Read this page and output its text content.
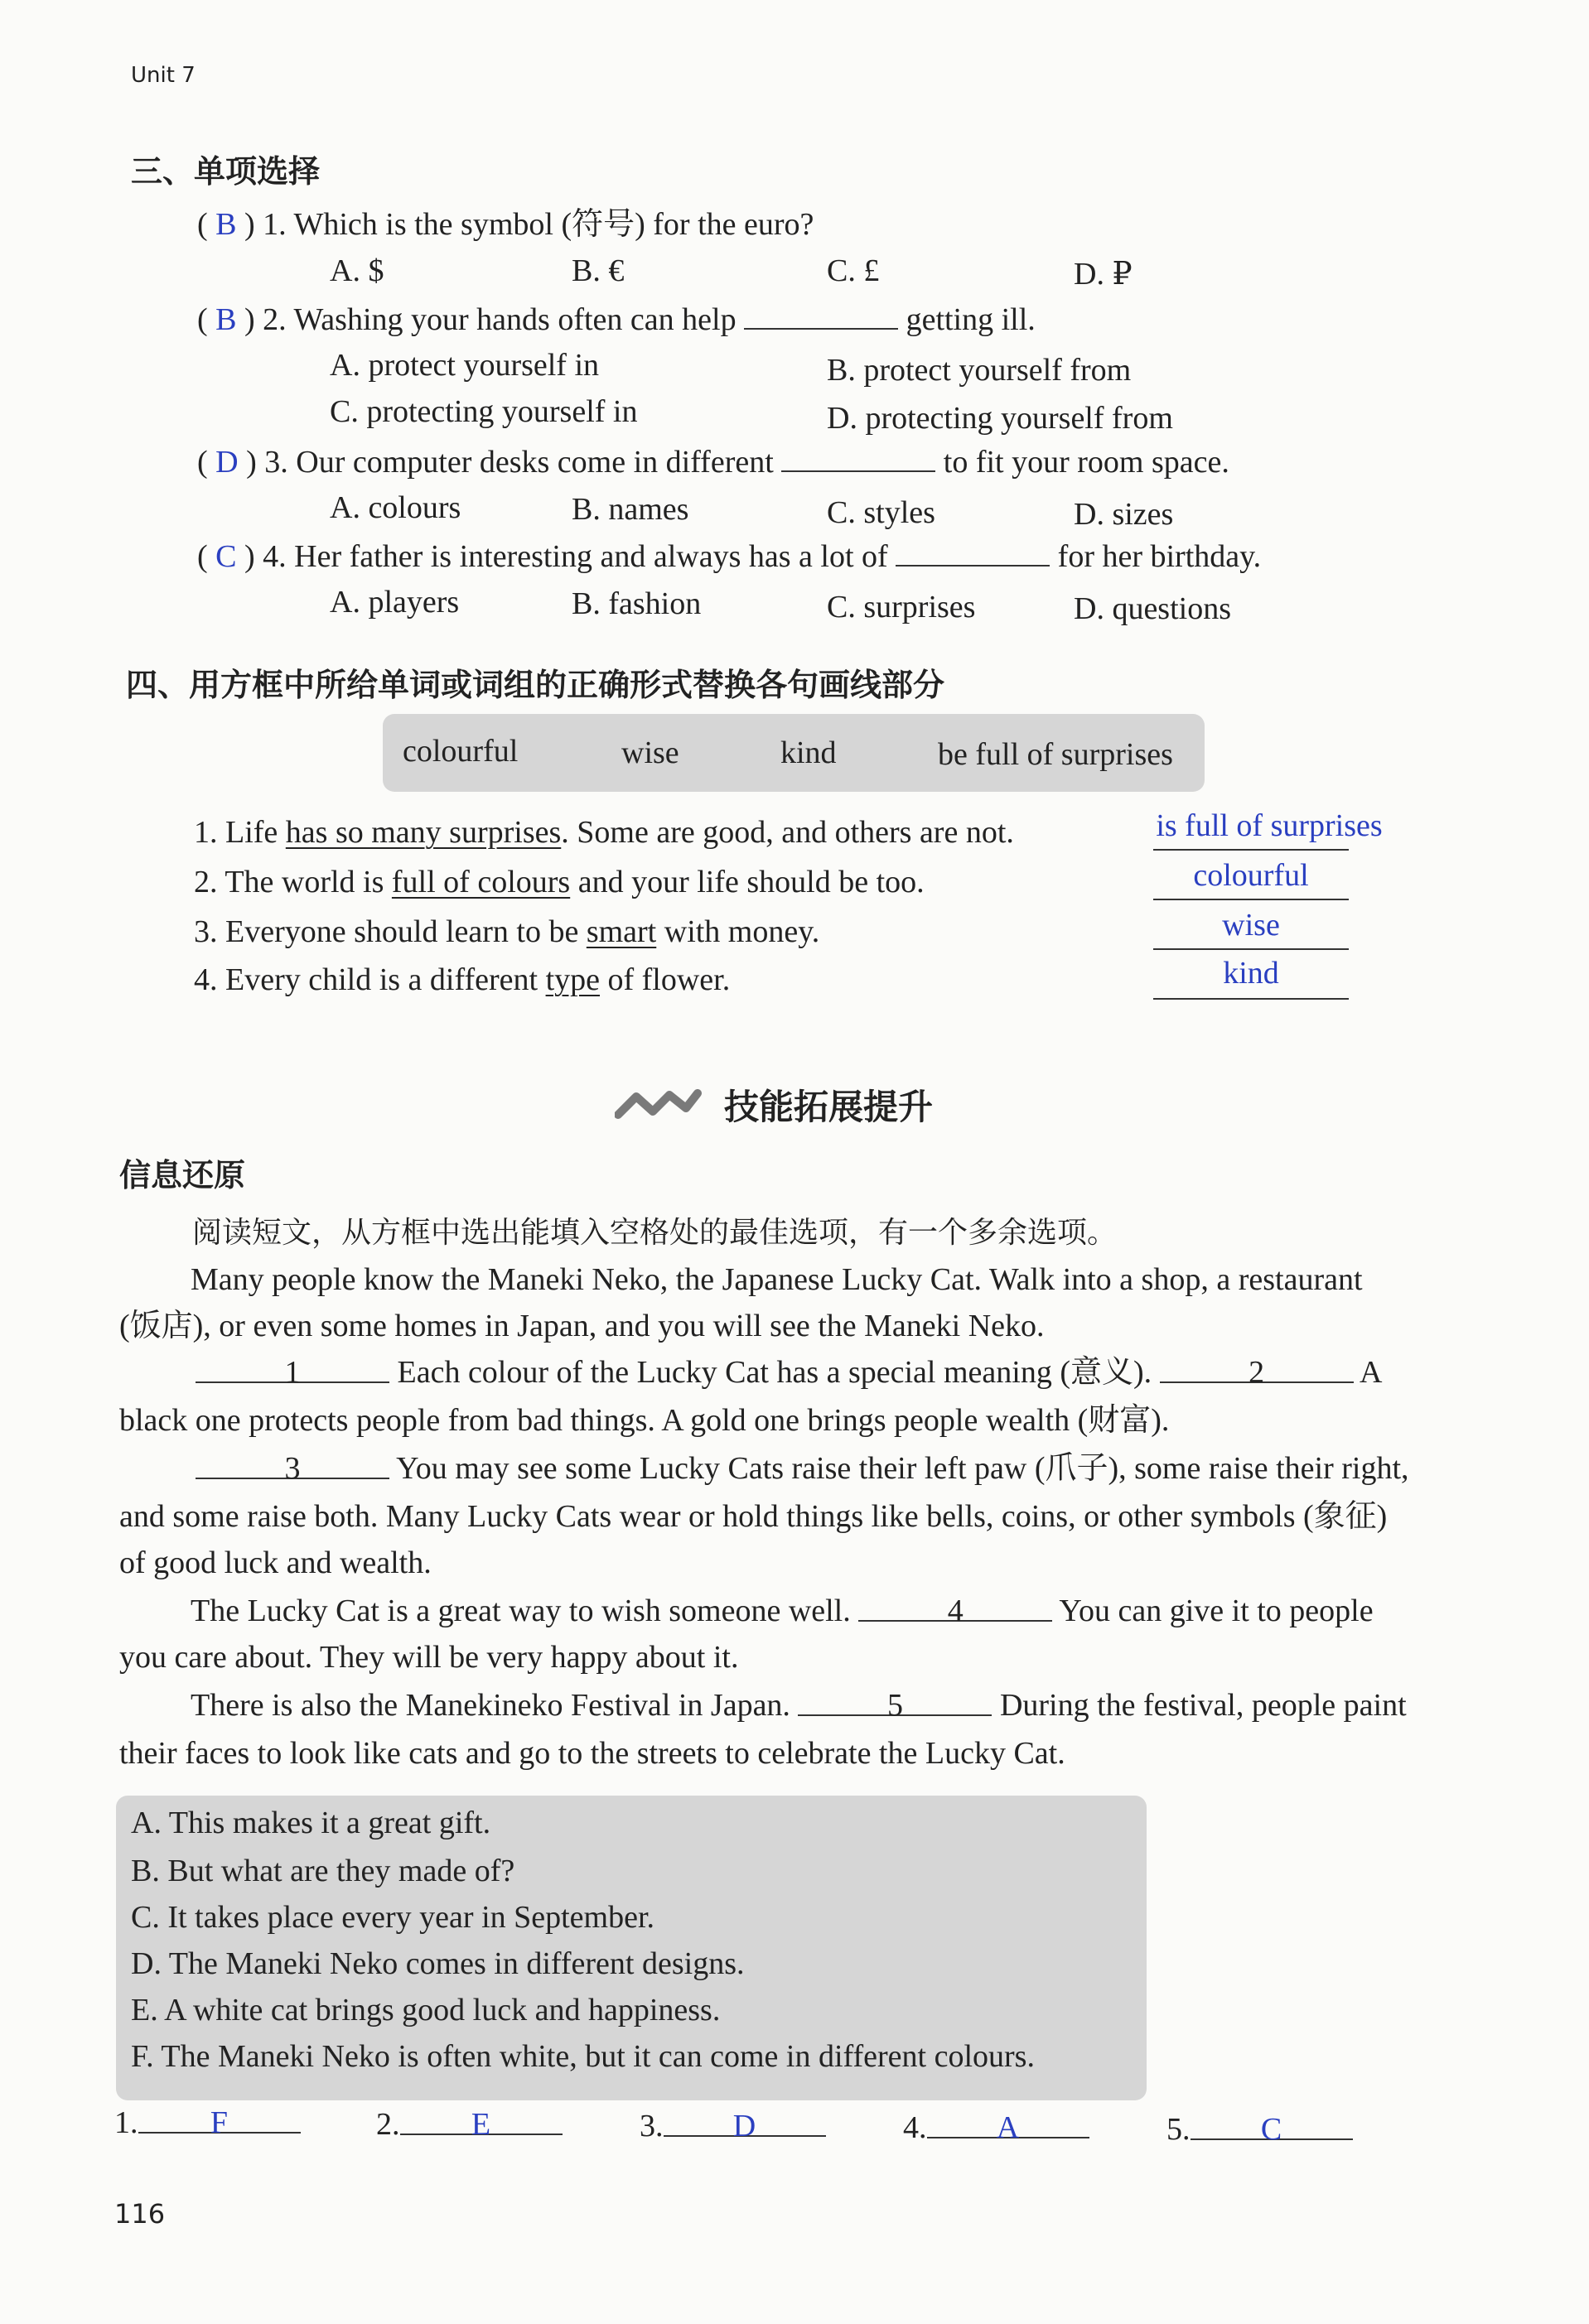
Unit 7
三、单项选择
( B ) 1. Which is the symbol (符号) for the euro?
A. $	B. €	C. £	D. ₽
( B ) 2. Washing your hands often can help	getting ill.
A. protect yourself in	B. protect yourself from
C. protecting yourself in	D. protecting yourself from
( D ) 3. Our computer desks come in different	to fit your room space.
A. colours	B. names	C. styles	D. sizes
( C ) 4. Her father is interesting and always has a lot of	for her birthday.
A. players	B. fashion	C. surprises	D. questions
四、用方框中所给单词或词组的正确形式替换各句画线部分
colourful	wise	kind	be full of surprises
1. Life has so many surprises. Some are good, and others are not.
2. The world is full of colours and your life should be too.
3. Everyone should learn to be smart with money.
4. Every child is a different type of flower.
is full of surprises
colourful
wise
kind
技能拓展提升
信息还原
阅读短文，从方框中选出能填入空格处的最佳选项，有一个多余选项。
Many people know the Maneki Neko, the Japanese Lucky Cat. Walk into a shop, a restaurant
(饭店), or even some homes in Japan, and you will see the Maneki Neko.
1	Each colour of the Lucky Cat has a special meaning (意义).	2	A
black one protects people from bad things. A gold one brings people wealth (财富).
3	You may see some Lucky Cats raise their left paw (爪子), some raise their right,
and some raise both. Many Lucky Cats wear or hold things like bells, coins, or other symbols (象征)
of good luck and wealth.
The Lucky Cat is a great way to wish someone well.	4	You can give it to people
you care about. They will be very happy about it.
There is also the Manekineko Festival in Japan.	5	During the festival, people paint
their faces to look like cats and go to the streets to celebrate the Lucky Cat.
A. This makes it a great gift.
B. But what are they made of?
C. It takes place every year in September.
D. The Maneki Neko comes in different designs.
E. A white cat brings good luck and happiness.
F. The Maneki Neko is often white, but it can come in different colours.
1. F	2. E	3. D	4. A	5. C
116
